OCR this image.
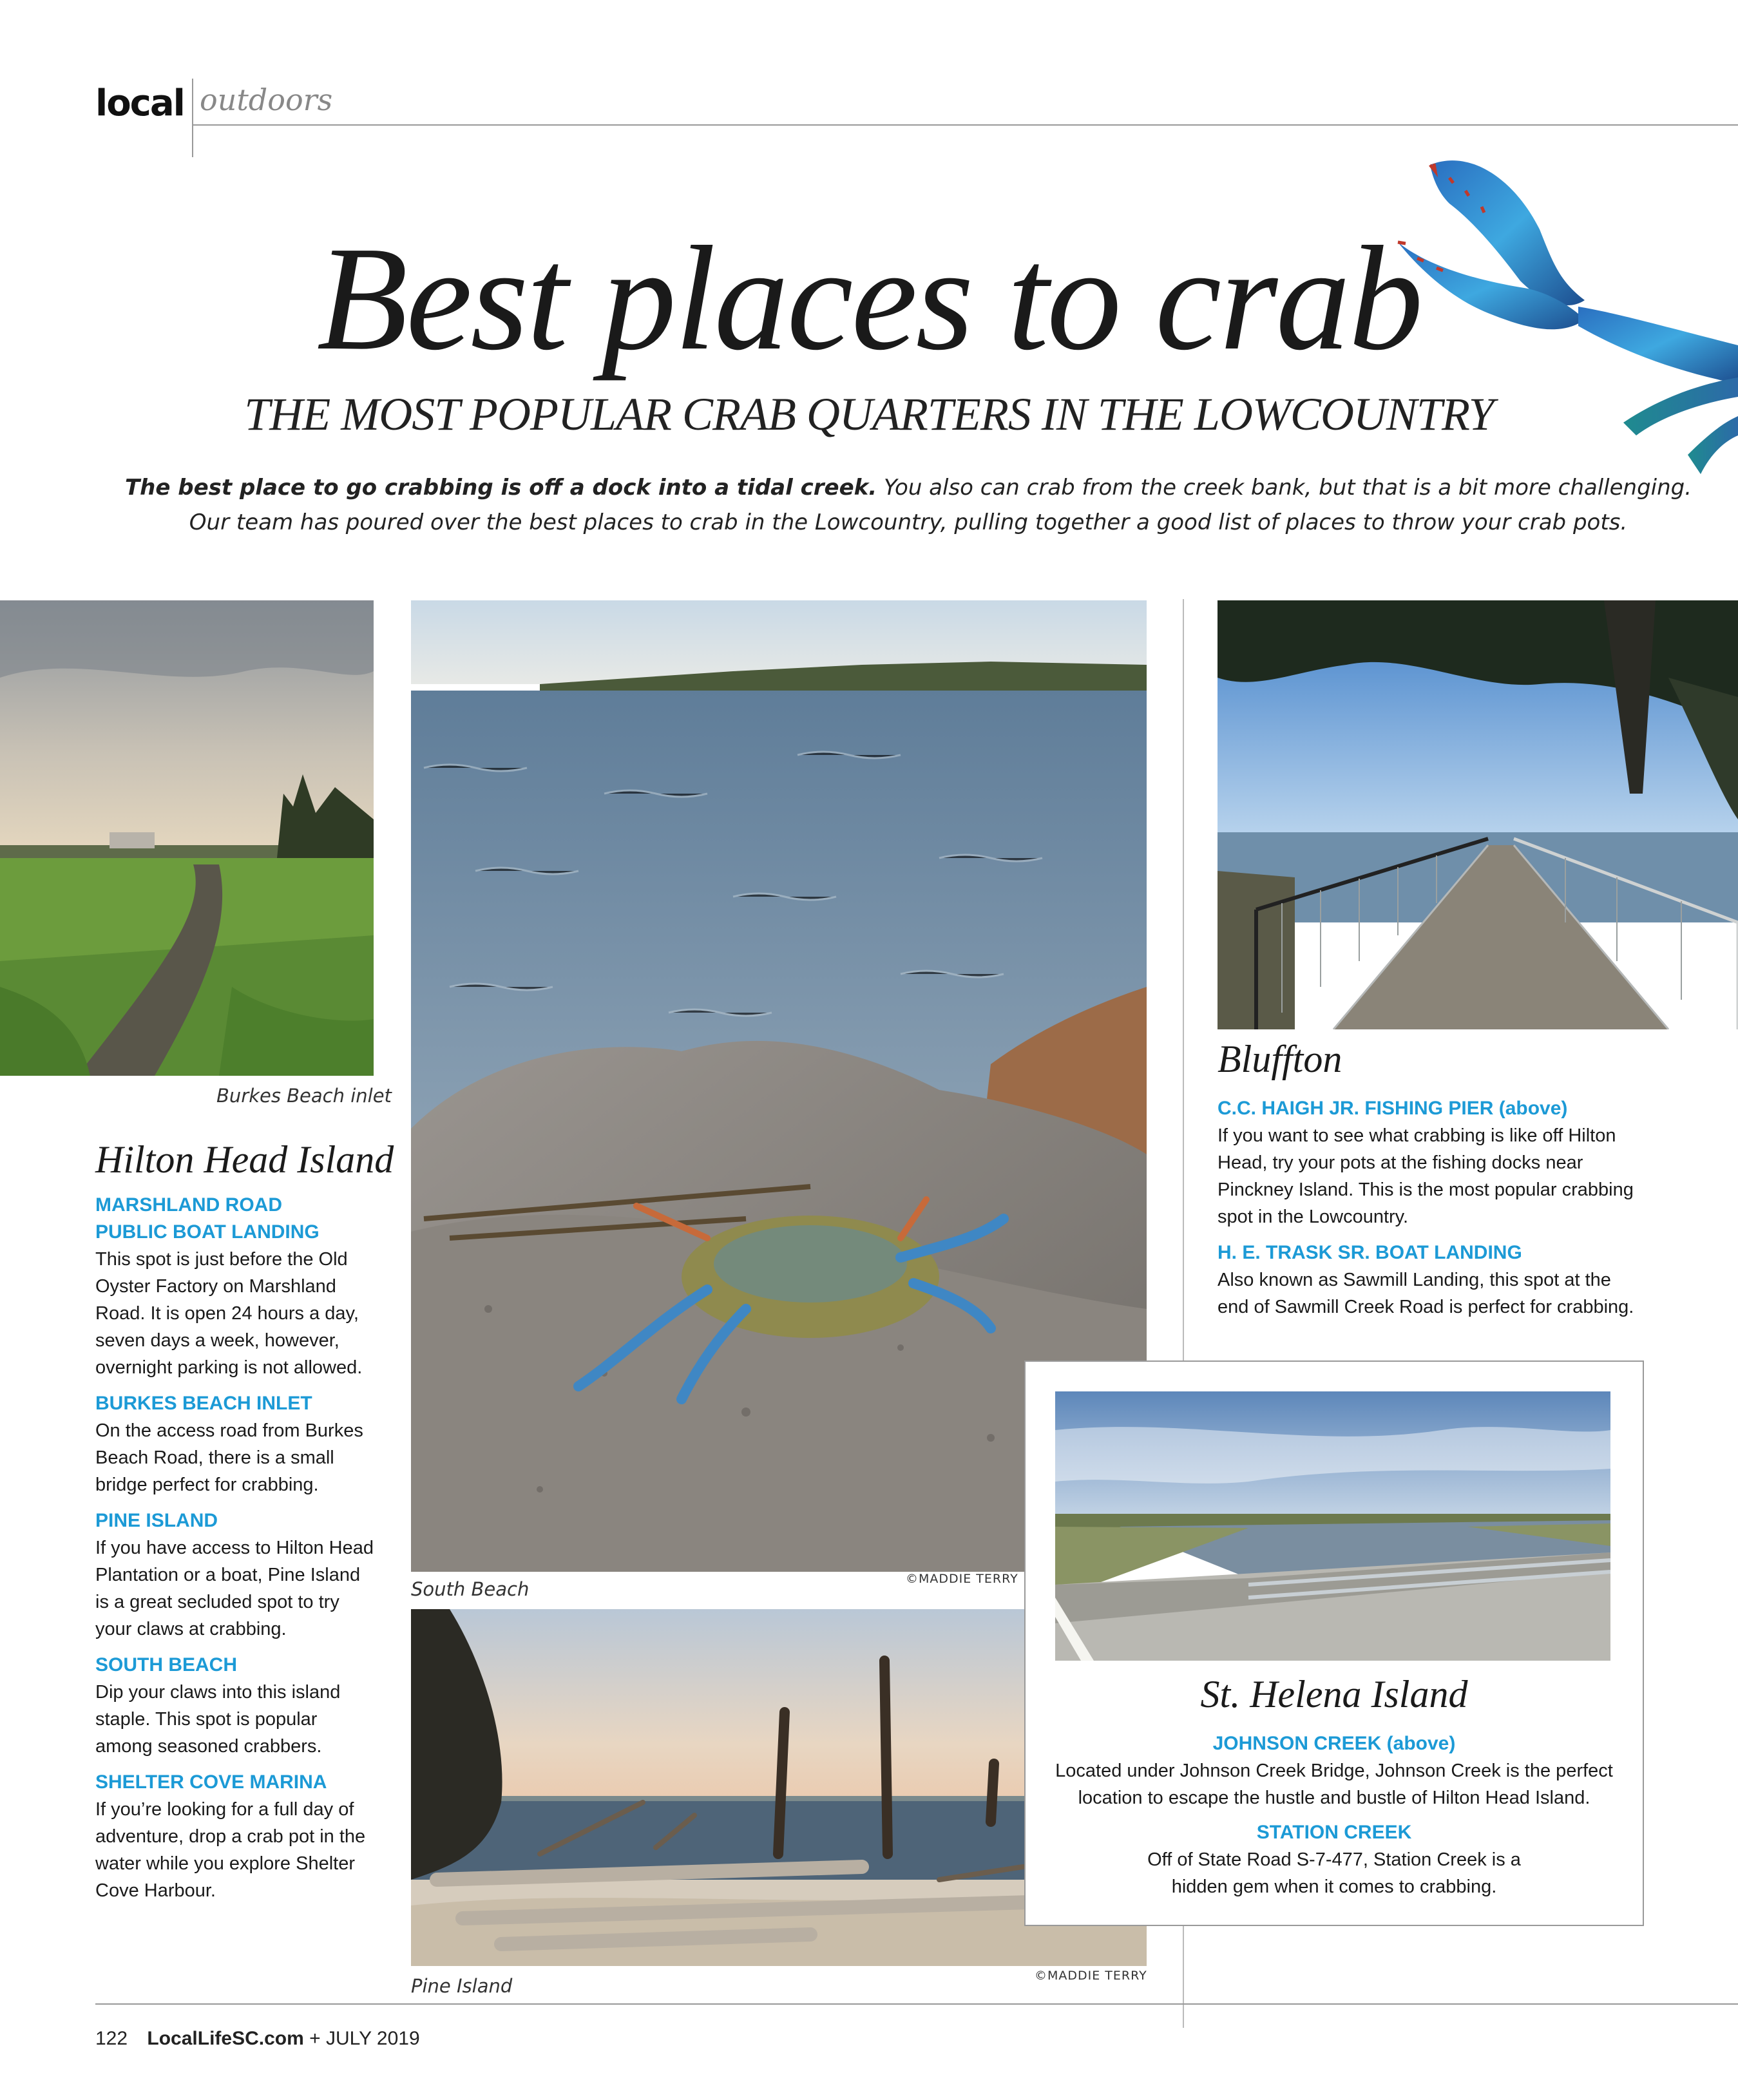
local outdoors
Best places to crab
THE MOST POPULAR CRAB QUARTERS IN THE LOWCOUNTRY
The best place to go crabbing is off a dock into a tidal creek. You also can crab from the creek bank, but that is a bit more challenging.
Our team has poured over the best places to crab in the Lowcountry, pulling together a good list of places to throw your crab pots.
Burkes Beach inlet
South Beach	©MADDIE TERRY
Pine Island	©MADDIE TERRY
Hilton Head Island
MARSHLAND ROAD
PUBLIC BOAT LANDING
This spot is just before the Old
Oyster Factory on Marshland
Road. It is open 24 hours a day,
seven days a week, however,
overnight parking is not allowed.
BURKES BEACH INLET
On the access road from Burkes
Beach Road, there is a small
bridge perfect for crabbing.
PINE ISLAND
If you have access to Hilton Head
Plantation or a boat, Pine Island
is a great secluded spot to try
your claws at crabbing.
SOUTH BEACH
Dip your claws into this island
staple. This spot is popular
among seasoned crabbers.
SHELTER COVE MARINA
If you’re looking for a full day of
adventure, drop a crab pot in the
water while you explore Shelter
Cove Harbour.
Bluffton
C.C. HAIGH JR. FISHING PIER (above)
If you want to see what crabbing is like off Hilton
Head, try your pots at the fishing docks near
Pinckney Island. This is the most popular crabbing
spot in the Lowcountry.
H. E. TRASK SR. BOAT LANDING
Also known as Sawmill Landing, this spot at the
end of Sawmill Creek Road is perfect for crabbing.
St. Helena Island
JOHNSON CREEK (above)
Located under Johnson Creek Bridge, Johnson Creek is the perfect
location to escape the hustle and bustle of Hilton Head Island.
STATION CREEK
Off of State Road S-7-477, Station Creek is a
hidden gem when it comes to crabbing.
122 LocalLifeSC.com + JULY 2019
